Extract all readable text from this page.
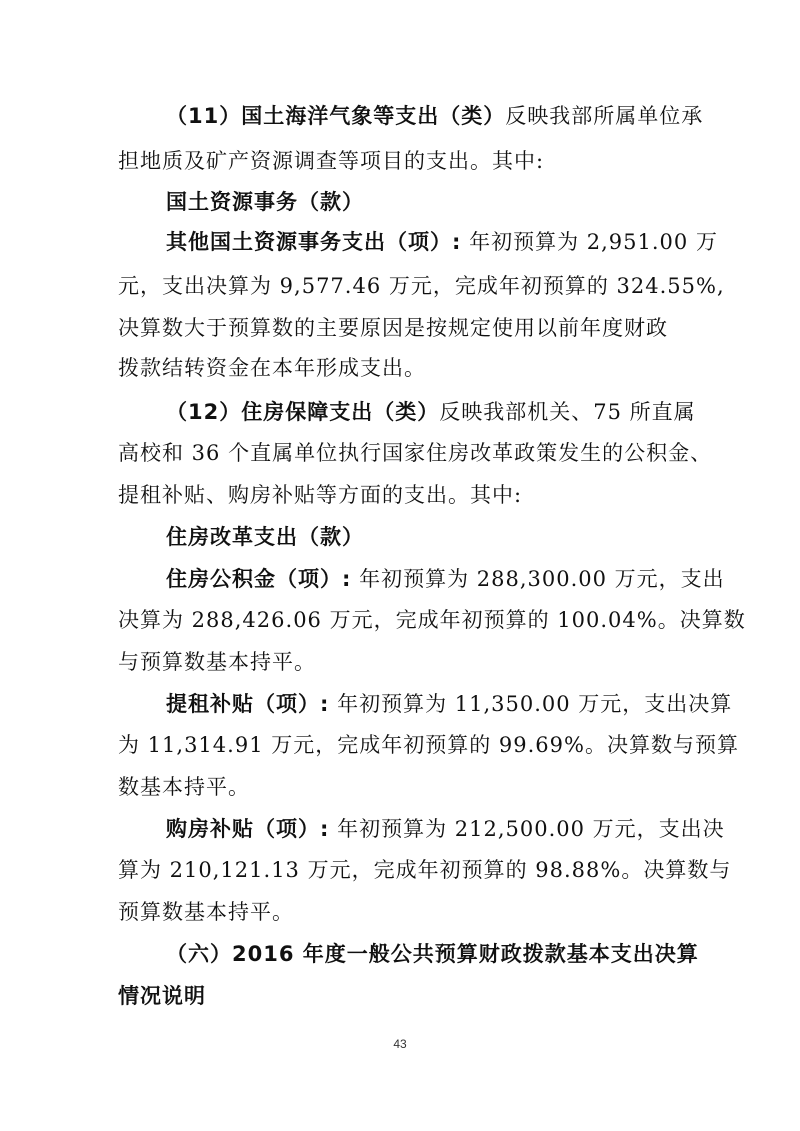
（11）国土海洋气象等支出（类）反映我部所属单位承
担地质及矿产资源调查等项目的支出。其中:
国土资源事务（款）
其他国土资源事务支出（项）: 年初预算为 2,951.00 万
元，支出决算为 9,577.46 万元，完成年初预算的 324.55%,
决算数大于预算数的主要原因是按规定使用以前年度财政
拨款结转资金在本年形成支出。
（12）住房保障支出（类）反映我部机关、75 所直属
高校和 36 个直属单位执行国家住房改革政策发生的公积金、
提租补贴、购房补贴等方面的支出。其中:
住房改革支出（款）
住房公积金（项）: 年初预算为 288,300.00 万元，支出
决算为 288,426.06 万元，完成年初预算的 100.04%。决算数
与预算数基本持平。
提租补贴（项）: 年初预算为 11,350.00 万元，支出决算
为 11,314.91 万元，完成年初预算的 99.69%。决算数与预算
数基本持平。
购房补贴（项）: 年初预算为 212,500.00 万元，支出决
算为 210,121.13 万元，完成年初预算的 98.88%。决算数与
预算数基本持平。
（六）2016 年度一般公共预算财政拨款基本支出决算
情况说明
43
